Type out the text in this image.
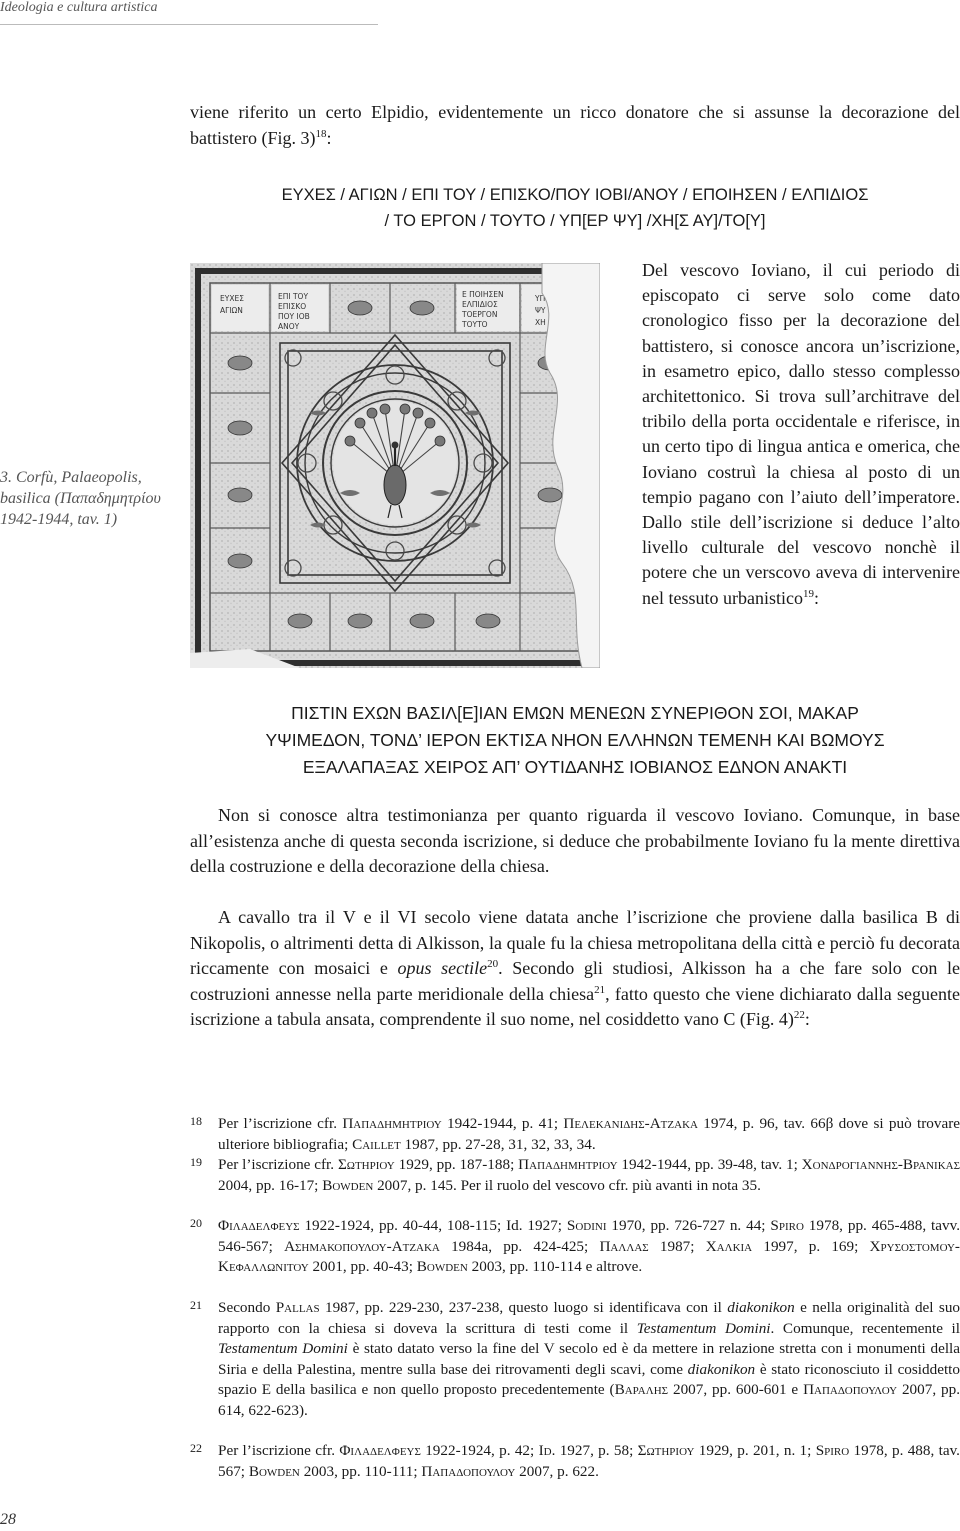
Ideologia e cultura artistica

viene riferito un certo Elpidio, evidentemente un ricco donatore che si assunse la decorazione del battistero (Fig. 3)$^{18}$:

ΕΥΧΕΣ / ΑΓΙΩΝ / ΕΠΙ ΤΟΥ / ΕΠΙΣΚΟ/ΠΟΥ ΙΟΒΙ/ΑΝΟΥ / ΕΠΟΙΗΣΕΝ / ΕΛΠΙΔΙΟΣ
/ ΤΟ ΕΡΓΟΝ / ΤΟΥΤΟ / ΥΠ[ΕΡ ΨΥ] /ΧΗ[Σ ΑΥ]/ΤΟ[Υ]
3. Corfù, Palaeopolis, basilica (Παπαδημητρίου 1942-1944, tav. 1)
ΕΥΧΕΣ
ΑΓΙΩΝ
ΕΠΙ ΤΟΥ
ΕΠΙΣΚΟ
ΠΟΥ ΙΟΒ
ΑΝΟΥ
Ε ΠΟΙΗΣΕΝ
ΕΛΠΙΔΙΟΣ
ΤΟΕΡΓΟΝ
ΤΟΥΤΟ
ΥΠ
ΨΥ
ΧΗ

Del vescovo Ioviano, il cui periodo di episcopato ci serve solo come dato cronologico fisso per la decorazione del battistero, si conosce ancora un’iscrizione, in esametro epico, dallo stesso complesso architettonico. Si trova sull’architrave del tribilo della porta occidentale e riferisce, in un certo tipo di lingua antica e omerica, che Ioviano costruì la chiesa al posto di un tempio pagano con l’aiuto dell’imperatore. Dallo stile dell’iscrizione si deduce l’alto livello culturale del vescovo nonchè il potere che un verscovo aveva di intervenire nel tessuto urbanistico$^{19}$:

ΠΙΣΤΙΝ ΕΧΩΝ ΒΑΣΙΛ[Ε]ΙΑΝ ΕΜΩΝ ΜΕΝΕΩΝ ΣΥΝΕΡΙΘΟΝ ΣΟΙ, ΜΑΚΑΡ
ΥΨΙΜΕΔΟΝ, ΤΟΝΔ’ ΙΕΡΟΝ ΕΚΤΙΣΑ ΝΗΟΝ ΕΛΛΗΝΩΝ ΤΕΜΕΝΗ ΚΑΙ ΒΩΜΟΥΣ
ΕΞΑΛΑΠΑΞΑΣ ΧΕΙΡΟΣ ΑΠ’ ΟΥΤΙΔΑΝΗΣ ΙΟΒΙΑΝΟΣ ΕΔΝΟΝ ΑΝΑΚΤΙ

Non si conosce altra testimonianza per quanto riguarda il vescovo Ioviano. Comunque, in base all’esistenza anche di questa seconda iscrizione, si deduce che probabilmente Ioviano fu la mente direttiva della costruzione e della decorazione della chiesa.

A cavallo tra il V e il VI secolo viene datata anche l’iscrizione che proviene dalla basilica B di Nikopolis, o altrimenti detta di Alkisson, la quale fu la chiesa metropolitana della città e perciò fu decorata riccamente con mosaici e opus sectile$^{20}$. Secondo gli studiosi, Alkisson ha a che fare solo con le costruzioni annesse nella parte meridionale della chiesa$^{21}$, fatto questo che viene dichiarato dalla seguente iscrizione a tabula ansata, comprendente il suo nome, nel cosiddetto vano C (Fig. 4)$^{22}$:

18 Per l’iscrizione cfr. Παπαδημητριου 1942-1944, p. 41; Πελεκανιδης-Ατζακα 1974, p. 96, tav. 66β dove si può trovare ulteriore bibliografia; Caillet 1987, pp. 27-28, 31, 32, 33, 34.
19 Per l’iscrizione cfr. Σωτηριου 1929, pp. 187-188; Παπαδημητριου 1942-1944, pp. 39-48, tav. 1; Χονδρογιαννης-Βρανικας 2004, pp. 16-17; Bowden 2007, p. 145. Per il ruolo del vescovo cfr. più avanti in nota 35.
20 Φιλαδελφευς 1922-1924, pp. 40-44, 108-115; Id. 1927; Sodini 1970, pp. 726-727 n. 44; Spiro 1978, pp. 465-488, tavv. 546-567; Ασημακοπουλου-Ατζακα 1984a, pp. 424-425; Παλλας 1987; Χαλκια 1997, p. 169; Χρυσοστομου-Κεφαλλωνιτου 2001, pp. 40-43; Bowden 2003, pp. 110-114 e altrove.
21 Secondo Pallas 1987, pp. 229-230, 237-238, questo luogo si identificava con il diakonikon e nella originalità del suo rapporto con la chiesa si doveva la scrittura di testi come il Testamentum Domini. Comunque, recentemente il Testamentum Domini è stato datato verso la fine del V secolo ed è da mettere in relazione stretta con i monumenti della Siria e della Palestina, mentre sulla base dei ritrovamenti degli scavi, come diakonikon è stato riconosciuto il cosiddetto spazio E della basilica e non quello proposto precedentemente (Βαραλης 2007, pp. 600-601 e Παπαδοπουλου 2007, pp. 614, 622-623).
22 Per l’iscrizione cfr. Φιλαδελφευς 1922-1924, p. 42; Id. 1927, p. 58; Σωτηριου 1929, p. 201, n. 1; Spiro 1978, p. 488, tav. 567; Bowden 2003, pp. 110-111; Παπαδοπουλου 2007, p. 622.
28
